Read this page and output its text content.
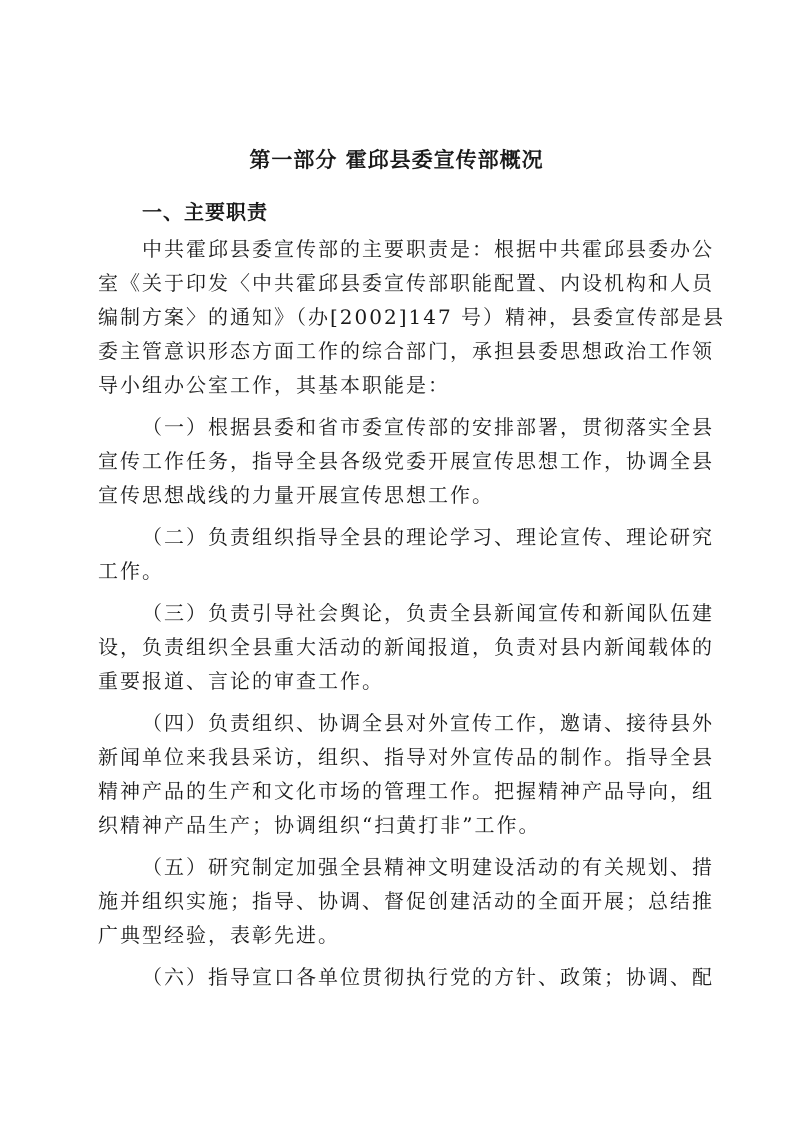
第一部分 霍邱县委宣传部概况
一、主要职责
中共霍邱县委宣传部的主要职责是：根据中共霍邱县委办公
室《关于印发〈中共霍邱县委宣传部职能配置、内设机构和人员
编制方案〉的通知》（办[2002]147 号）精神，县委宣传部是县
委主管意识形态方面工作的综合部门，承担县委思想政治工作领
导小组办公室工作，其基本职能是：
（一）根据县委和省市委宣传部的安排部署，贯彻落实全县
宣传工作任务，指导全县各级党委开展宣传思想工作，协调全县
宣传思想战线的力量开展宣传思想工作。
（二）负责组织指导全县的理论学习、理论宣传、理论研究
工作。
（三）负责引导社会舆论，负责全县新闻宣传和新闻队伍建
设，负责组织全县重大活动的新闻报道，负责对县内新闻载体的
重要报道、言论的审查工作。
（四）负责组织、协调全县对外宣传工作，邀请、接待县外
新闻单位来我县采访，组织、指导对外宣传品的制作。指导全县
精神产品的生产和文化市场的管理工作。把握精神产品导向，组
织精神产品生产；协调组织“扫黄打非”工作。
（五）研究制定加强全县精神文明建设活动的有关规划、措
施并组织实施；指导、协调、督促创建活动的全面开展；总结推
广典型经验，表彰先进。
（六）指导宣口各单位贯彻执行党的方针、政策；协调、配
